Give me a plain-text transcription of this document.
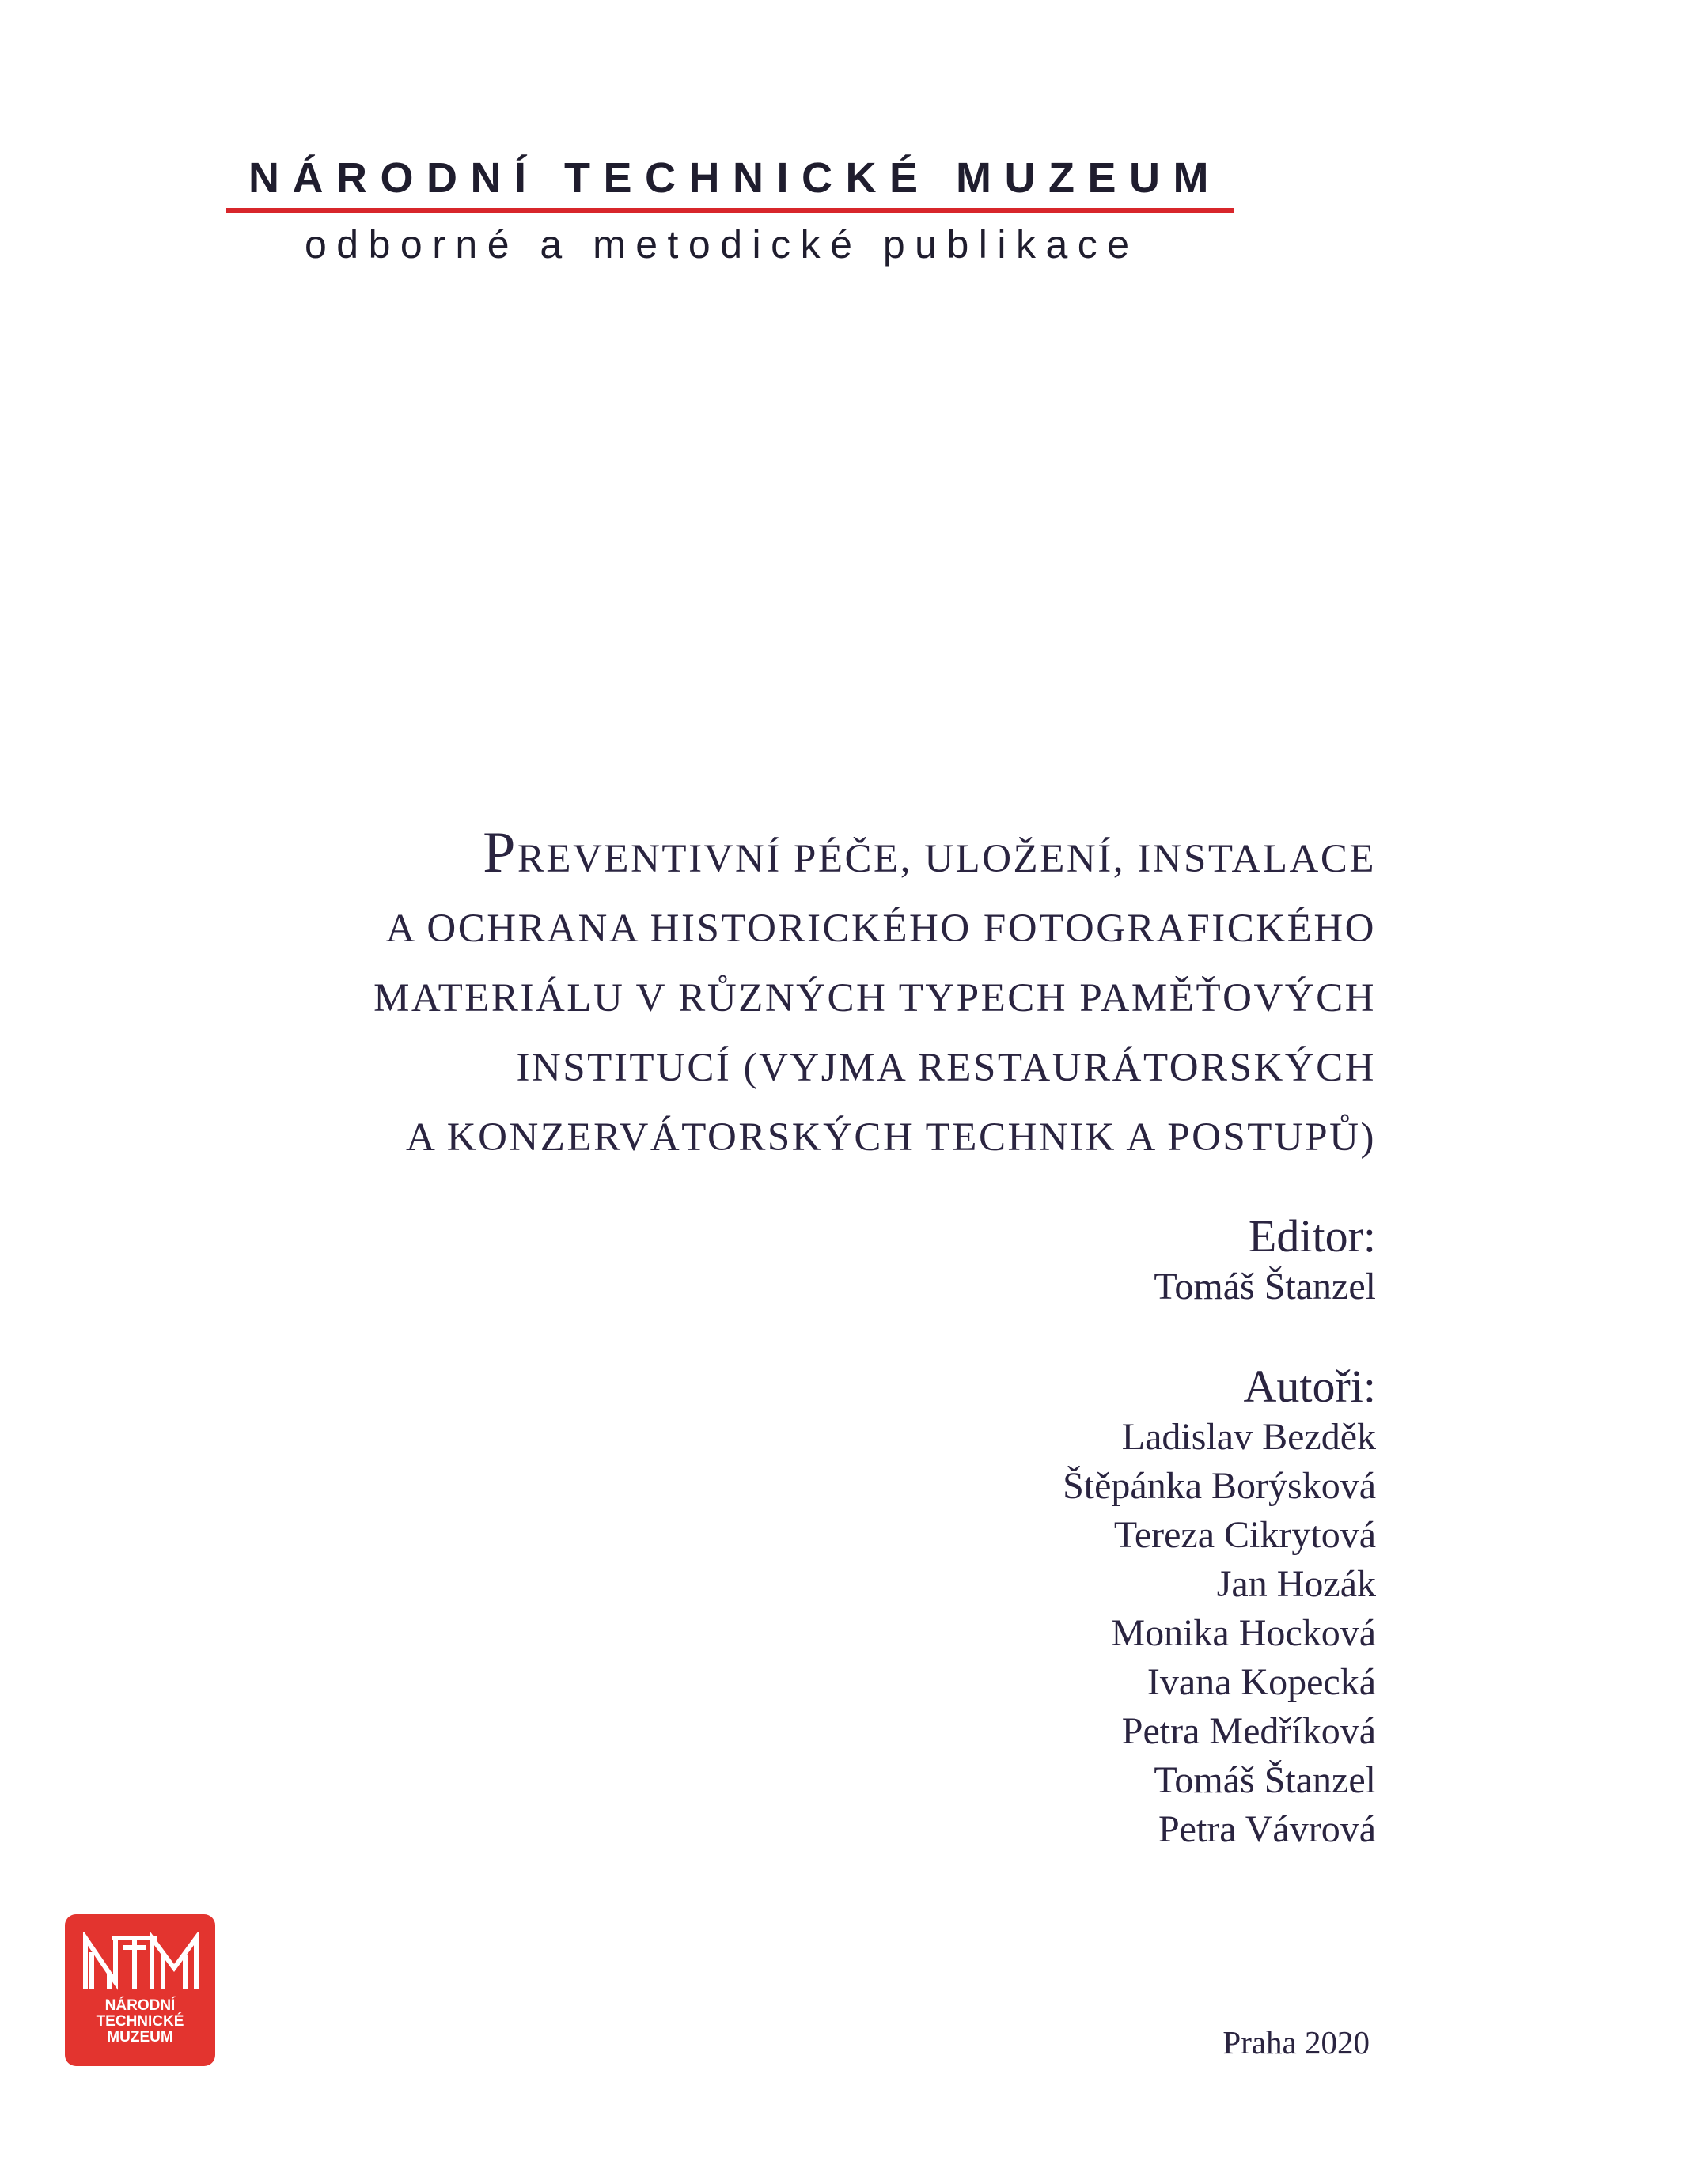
NÁRODNÍ TECHNICKÉ MUZEUM
odborné a metodické publikace
PREVENTIVNÍ PÉČE, ULOŽENÍ, INSTALACE
A OCHRANA HISTORICKÉHO FOTOGRAFICKÉHO
MATERIÁLU V RŮZNÝCH TYPECH PAMĚŤOVÝCH
INSTITUCÍ (VYJMA RESTAURÁTORSKÝCH
A KONZERVÁTORSKÝCH TECHNIK A POSTUPŮ)
Editor:
Tomáš Štanzel
Autoři:
Ladislav Bezděk
Štěpánka Borýsková
Tereza Cikrytová
Jan Hozák
Monika Hocková
Ivana Kopecká
Petra Medříková
Tomáš Štanzel
Petra Vávrová
Praha 2020
NÁRODNÍ
TECHNICKÉ
MUZEUM
